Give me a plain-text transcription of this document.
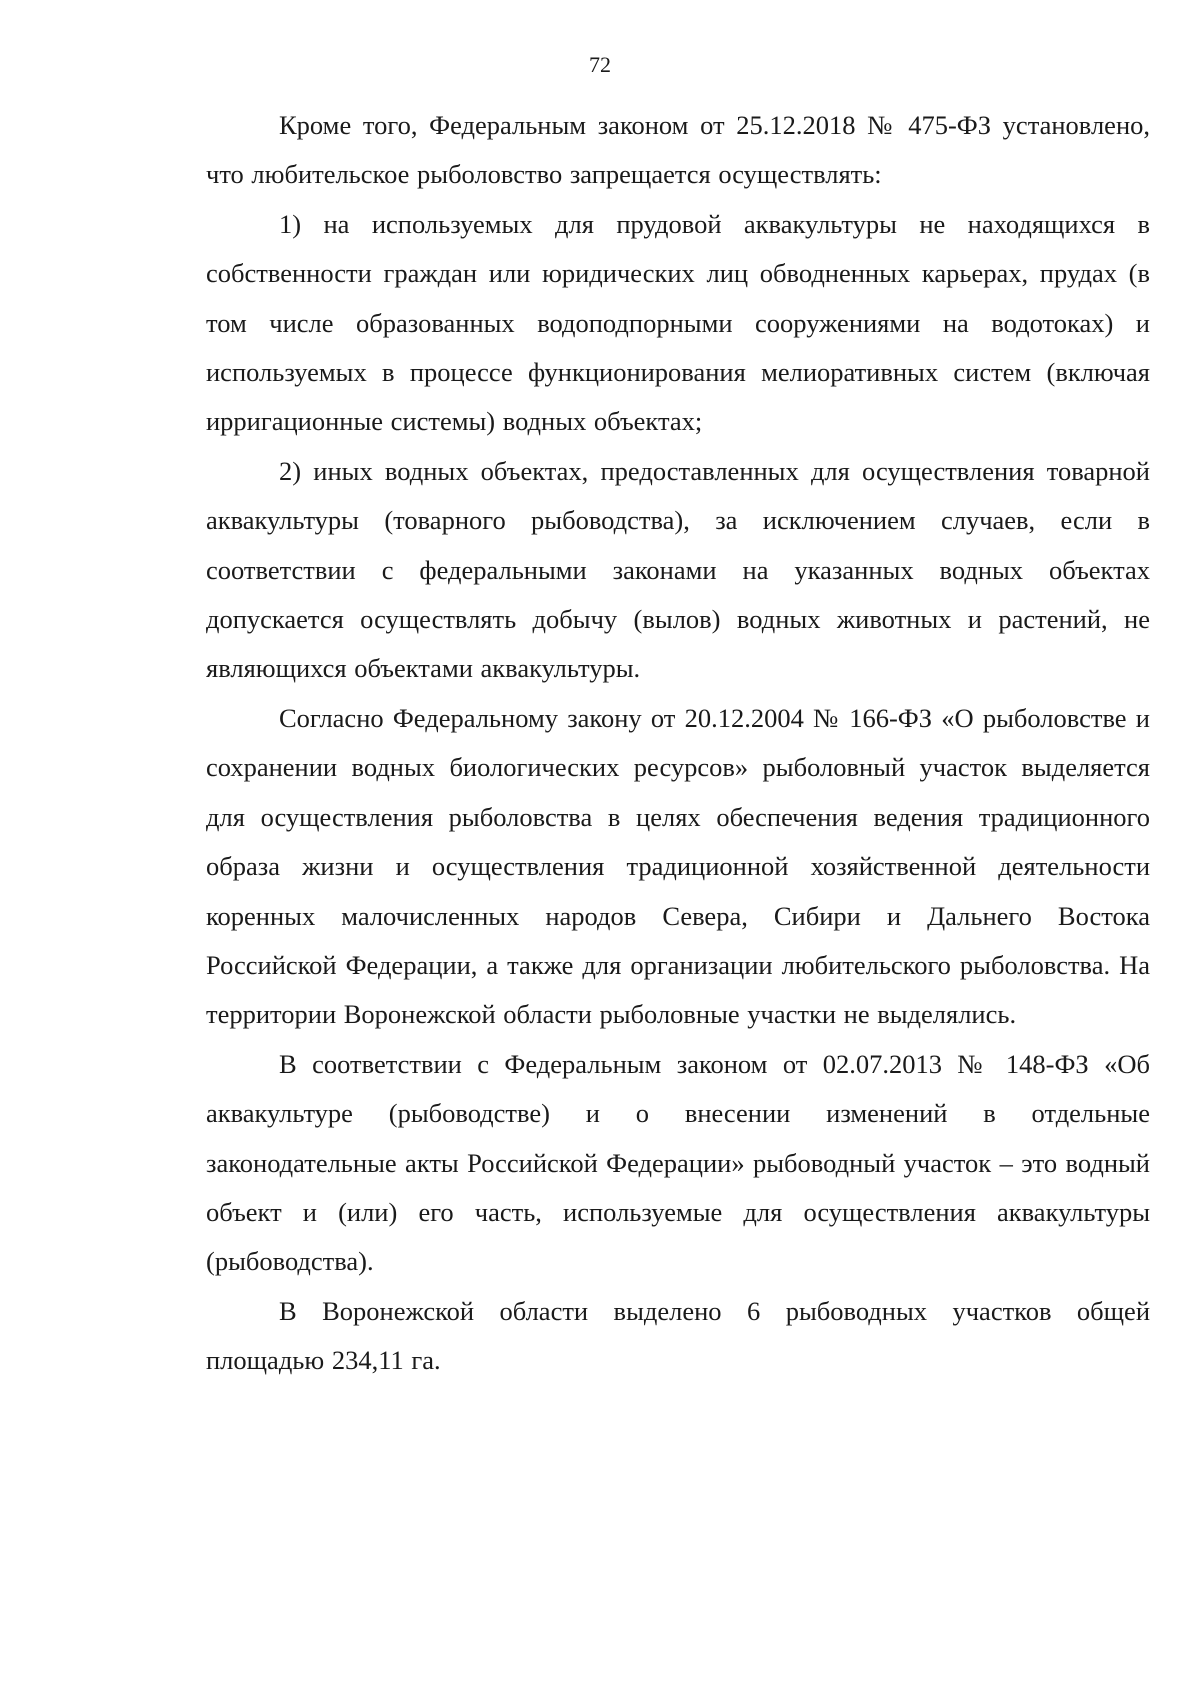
72

Кроме того, Федеральным законом от 25.12.2018 № 475-ФЗ установлено, что любительское рыболовство запрещается осуществлять:

1) на используемых для прудовой аквакультуры не находящихся в собственности граждан или юридических лиц обводненных карьерах, прудах (в том числе образованных водоподпорными сооружениями на водотоках) и используемых в процессе функционирования мелиоративных систем (включая ирригационные системы) водных объектах;

2) иных водных объектах, предоставленных для осуществления товарной аквакультуры (товарного рыбоводства), за исключением случаев, если в соответствии с федеральными законами на указанных водных объектах допускается осуществлять добычу (вылов) водных животных и растений, не являющихся объектами аквакультуры.

Согласно Федеральному закону от 20.12.2004 № 166-ФЗ «О рыболовстве и сохранении водных биологических ресурсов» рыболовный участок выделяется для осуществления рыболовства в целях обеспечения ведения традиционного образа жизни и осуществления традиционной хозяйственной деятельности коренных малочисленных народов Севера, Сибири и Дальнего Востока Российской Федерации, а также для организации любительского рыболовства. На территории Воронежской области рыболовные участки не выделялись.

В соответствии с Федеральным законом от 02.07.2013 № 148-ФЗ «Об аквакультуре (рыбоводстве) и о внесении изменений в отдельные законодательные акты Российской Федерации» рыбоводный участок – это водный объект и (или) его часть, используемые для осуществления аквакультуры (рыбоводства).

В Воронежской области выделено 6 рыбоводных участков общей площадью 234,11 га.
